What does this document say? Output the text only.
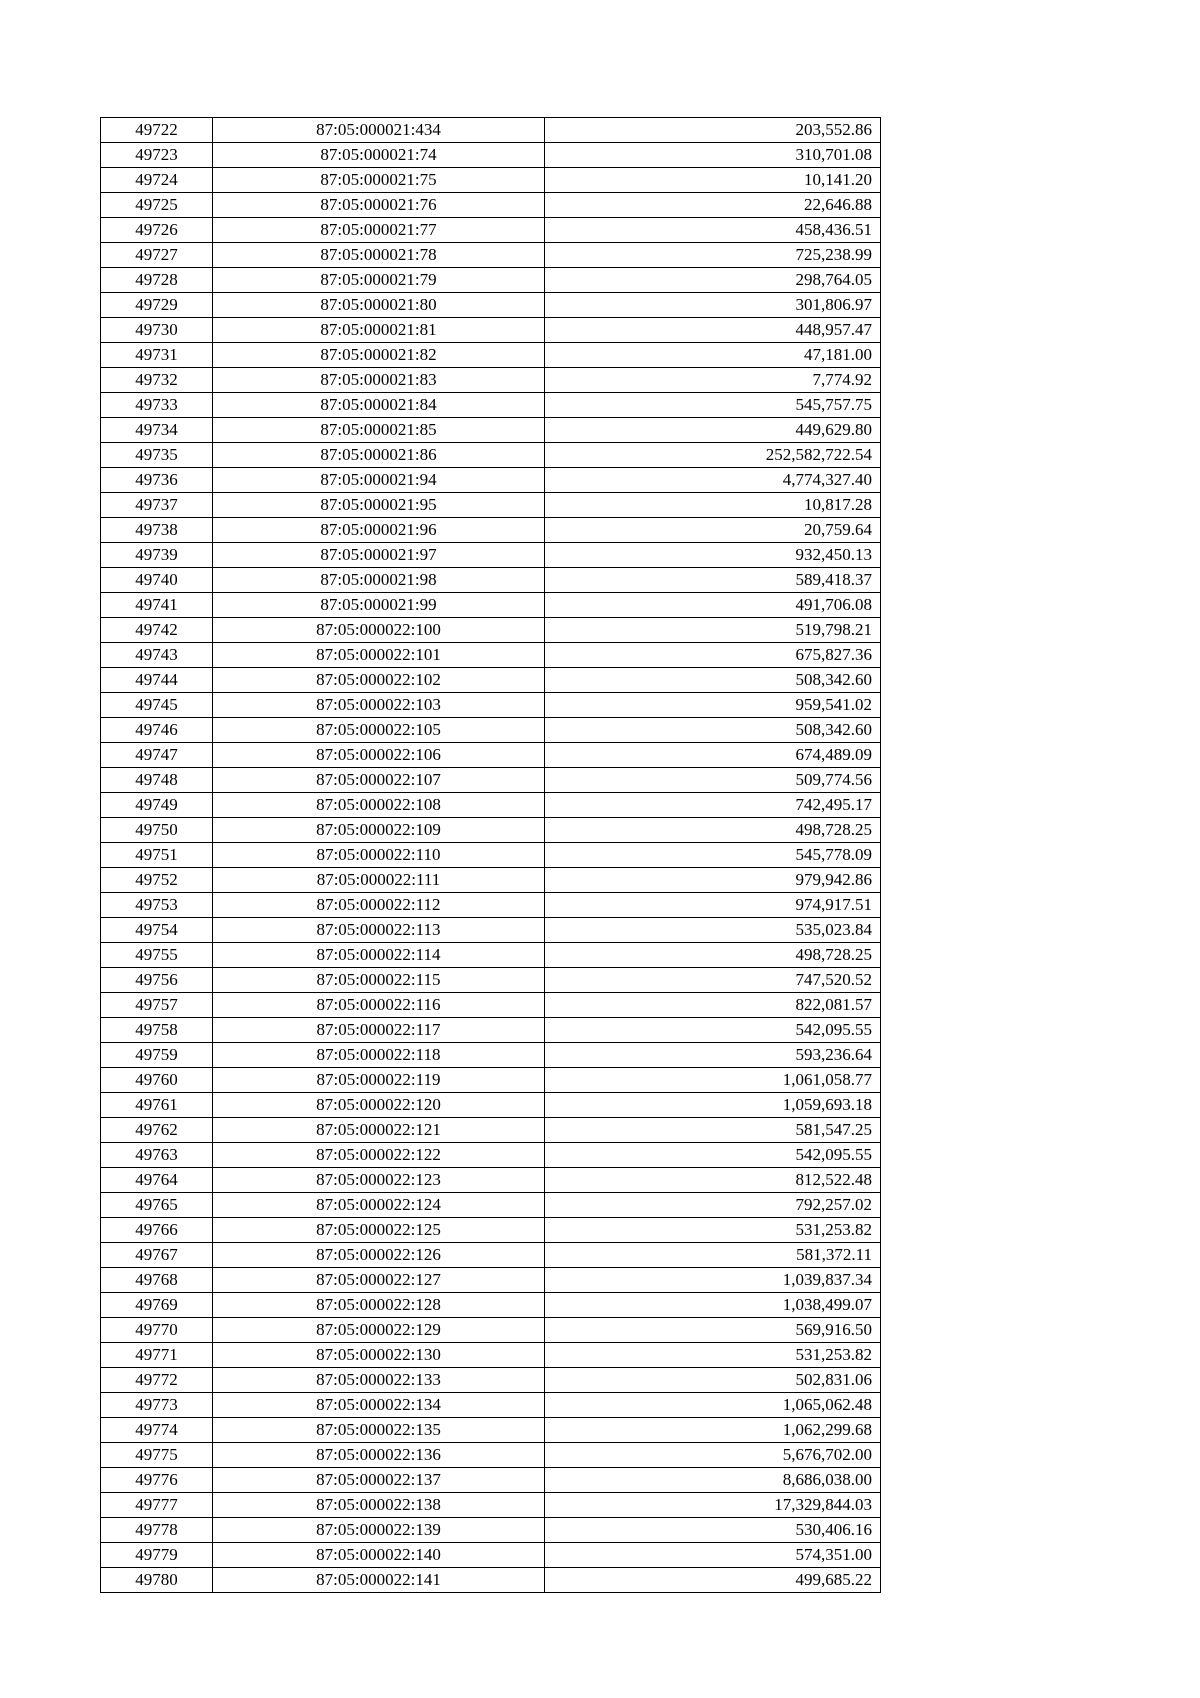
49722	87:05:000021:434	203,552.86
49723	87:05:000021:74	310,701.08
49724	87:05:000021:75	10,141.20
49725	87:05:000021:76	22,646.88
49726	87:05:000021:77	458,436.51
49727	87:05:000021:78	725,238.99
49728	87:05:000021:79	298,764.05
49729	87:05:000021:80	301,806.97
49730	87:05:000021:81	448,957.47
49731	87:05:000021:82	47,181.00
49732	87:05:000021:83	7,774.92
49733	87:05:000021:84	545,757.75
49734	87:05:000021:85	449,629.80
49735	87:05:000021:86	252,582,722.54
49736	87:05:000021:94	4,774,327.40
49737	87:05:000021:95	10,817.28
49738	87:05:000021:96	20,759.64
49739	87:05:000021:97	932,450.13
49740	87:05:000021:98	589,418.37
49741	87:05:000021:99	491,706.08
49742	87:05:000022:100	519,798.21
49743	87:05:000022:101	675,827.36
49744	87:05:000022:102	508,342.60
49745	87:05:000022:103	959,541.02
49746	87:05:000022:105	508,342.60
49747	87:05:000022:106	674,489.09
49748	87:05:000022:107	509,774.56
49749	87:05:000022:108	742,495.17
49750	87:05:000022:109	498,728.25
49751	87:05:000022:110	545,778.09
49752	87:05:000022:111	979,942.86
49753	87:05:000022:112	974,917.51
49754	87:05:000022:113	535,023.84
49755	87:05:000022:114	498,728.25
49756	87:05:000022:115	747,520.52
49757	87:05:000022:116	822,081.57
49758	87:05:000022:117	542,095.55
49759	87:05:000022:118	593,236.64
49760	87:05:000022:119	1,061,058.77
49761	87:05:000022:120	1,059,693.18
49762	87:05:000022:121	581,547.25
49763	87:05:000022:122	542,095.55
49764	87:05:000022:123	812,522.48
49765	87:05:000022:124	792,257.02
49766	87:05:000022:125	531,253.82
49767	87:05:000022:126	581,372.11
49768	87:05:000022:127	1,039,837.34
49769	87:05:000022:128	1,038,499.07
49770	87:05:000022:129	569,916.50
49771	87:05:000022:130	531,253.82
49772	87:05:000022:133	502,831.06
49773	87:05:000022:134	1,065,062.48
49774	87:05:000022:135	1,062,299.68
49775	87:05:000022:136	5,676,702.00
49776	87:05:000022:137	8,686,038.00
49777	87:05:000022:138	17,329,844.03
49778	87:05:000022:139	530,406.16
49779	87:05:000022:140	574,351.00
49780	87:05:000022:141	499,685.22
